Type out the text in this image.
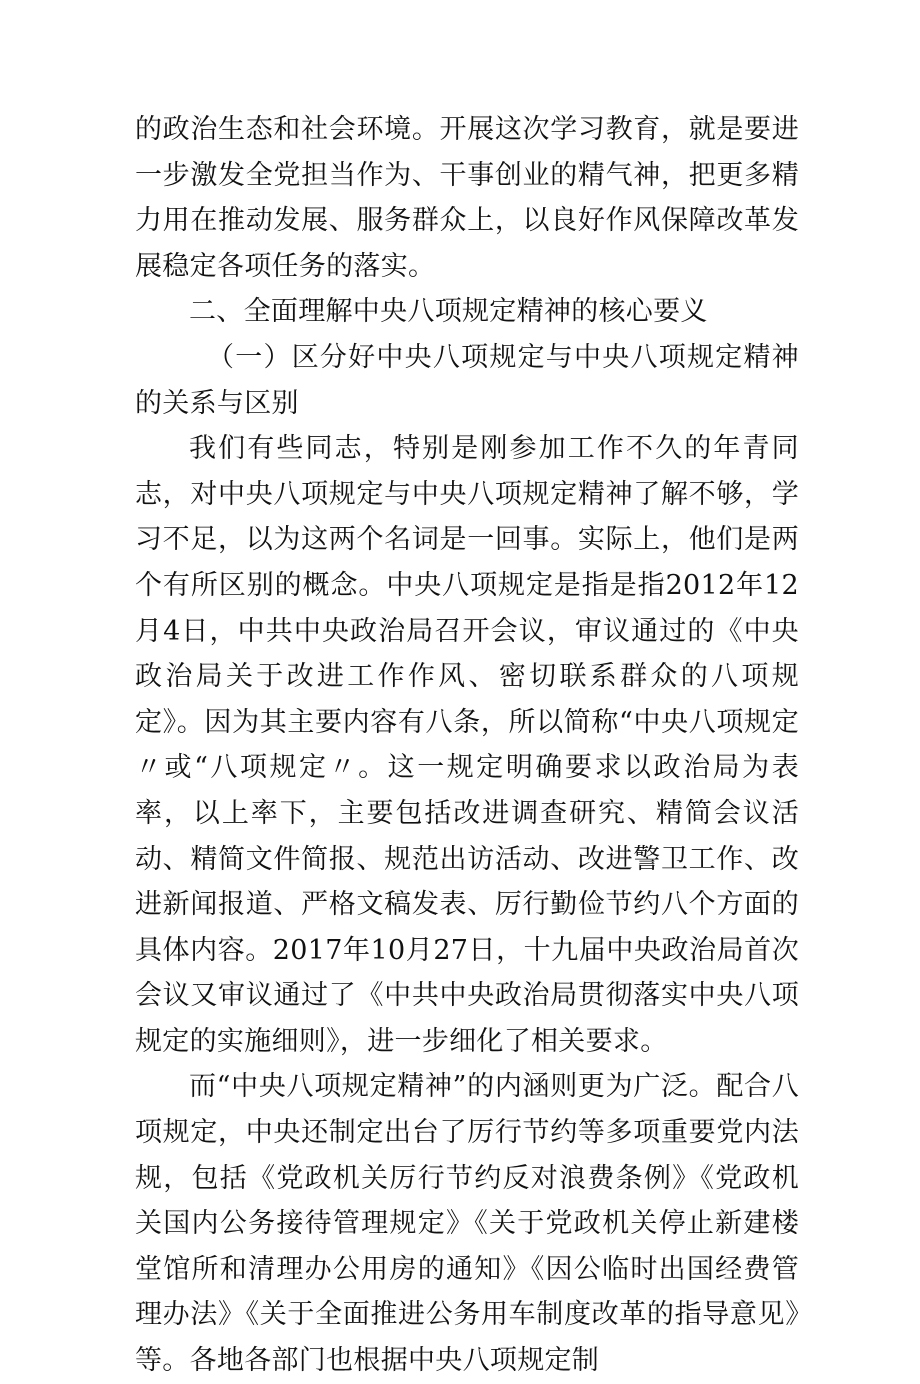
的政治生态和社会环境。开展这次学习教育，就是要进一步激发全党担当作为、干事创业的精气神，把更多精力用在推动发展、服务群众上，以良好作风保障改革发展稳定各项任务的落实。

二、全面理解中央八项规定精神的核心要义

（一）区分好中央八项规定与中央八项规定精神的关系与区别

我们有些同志，特别是刚参加工作不久的年青同志，对中央八项规定与中央八项规定精神了解不够，学习不足，以为这两个名词是一回事。实际上，他们是两个有所区别的概念。中央八项规定是指是指2012年12月4日，中共中央政治局召开会议，审议通过的《中央政治局关于改进工作作风、密切联系群众的八项规定》。因为其主要内容有八条，所以简称“中央八项规定〃或“八项规定〃。这一规定明确要求以政治局为表率，以上率下，主要包括改进调查研究、精简会议活动、精简文件简报、规范出访活动、改进警卫工作、改进新闻报道、严格文稿发表、厉行勤俭节约八个方面的具体内容。2017年10月27日，十九届中央政治局首次会议又审议通过了《中共中央政治局贯彻落实中央八项规定的实施细则》，进一步细化了相关要求。

而“中央八项规定精神”的内涵则更为广泛。配合八项规定，中央还制定出台了厉行节约等多项重要党内法规，包括《党政机关厉行节约反对浪费条例》《党政机关国内公务接待管理规定》《关于党政机关停止新建楼堂馆所和清理办公用房的通知》《因公临时出国经费管理办法》《关于全面推进公务用车制度改革的指导意见》等。各地各部门也根据中央八项规定制
